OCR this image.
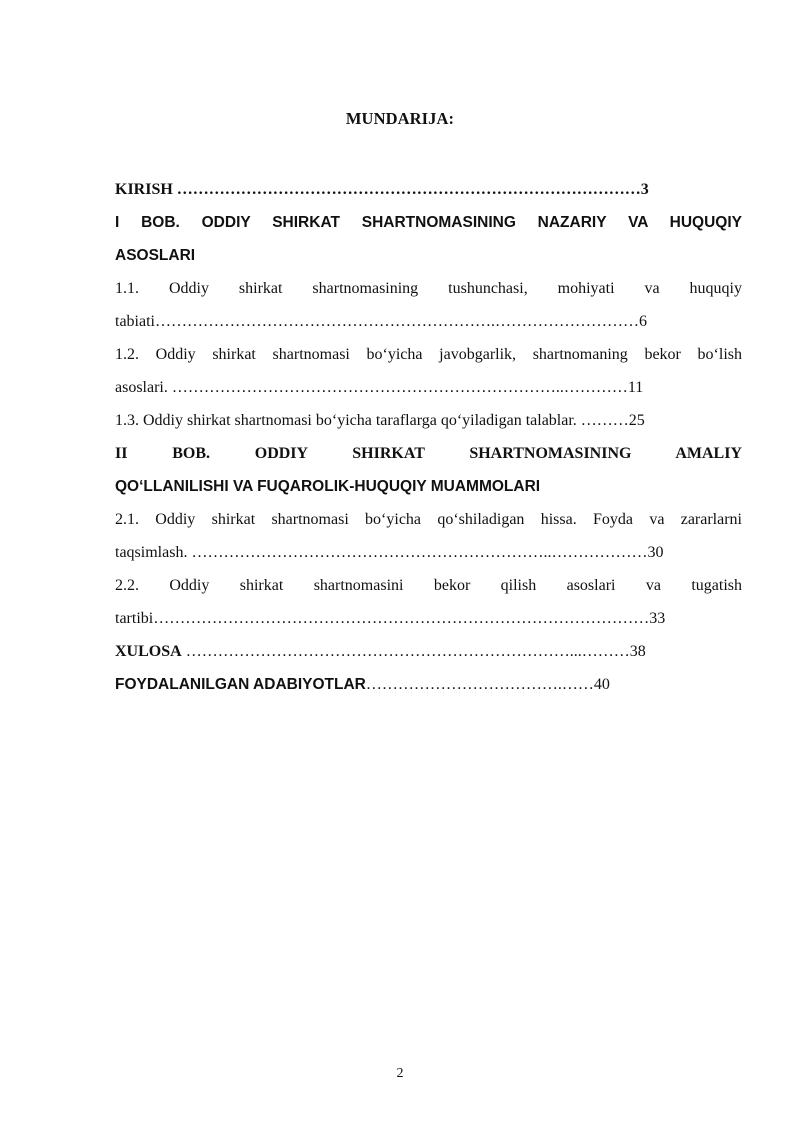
MUNDARIJA:
KIRISH ……………………………………………………………………………3
I BOB. ODDIY SHIRKAT SHARTNOMASINING NAZARIY VA HUQUQIY
ASOSLARI
1.1. Oddiy shirkat shartnomasining tushunchasi, mohiyati va huquqiy
tabiati……………………………………………………….………………………6
1.2. Oddiy shirkat shartnomasi bo‘yicha javobgarlik, shartnomaning bekor bo‘lish
asoslari. ………………………………………………………………..…………11
1.3. Oddiy shirkat shartnomasi bo‘yicha taraflarga qo‘yiladigan talablar. ………25
II BOB. ODDIY SHIRKAT SHARTNOMASINING AMALIY
QO‘LLANILISHI VA FUQAROLIK-HUQUQIY MUAMMOLARI
2.1. Oddiy shirkat shartnomasi bo‘yicha qo‘shiladigan hissa. Foyda va zararlarni
taqsimlash. …………………………………………………………..………………30
2.2. Oddiy shirkat shartnomasini bekor qilish asoslari va tugatish
tartibi…………………………………………………………………………………33
XULOSA ………………………………………………………………...………38
FOYDALANILGAN ADABIYOTLAR……………………………….……40
2
